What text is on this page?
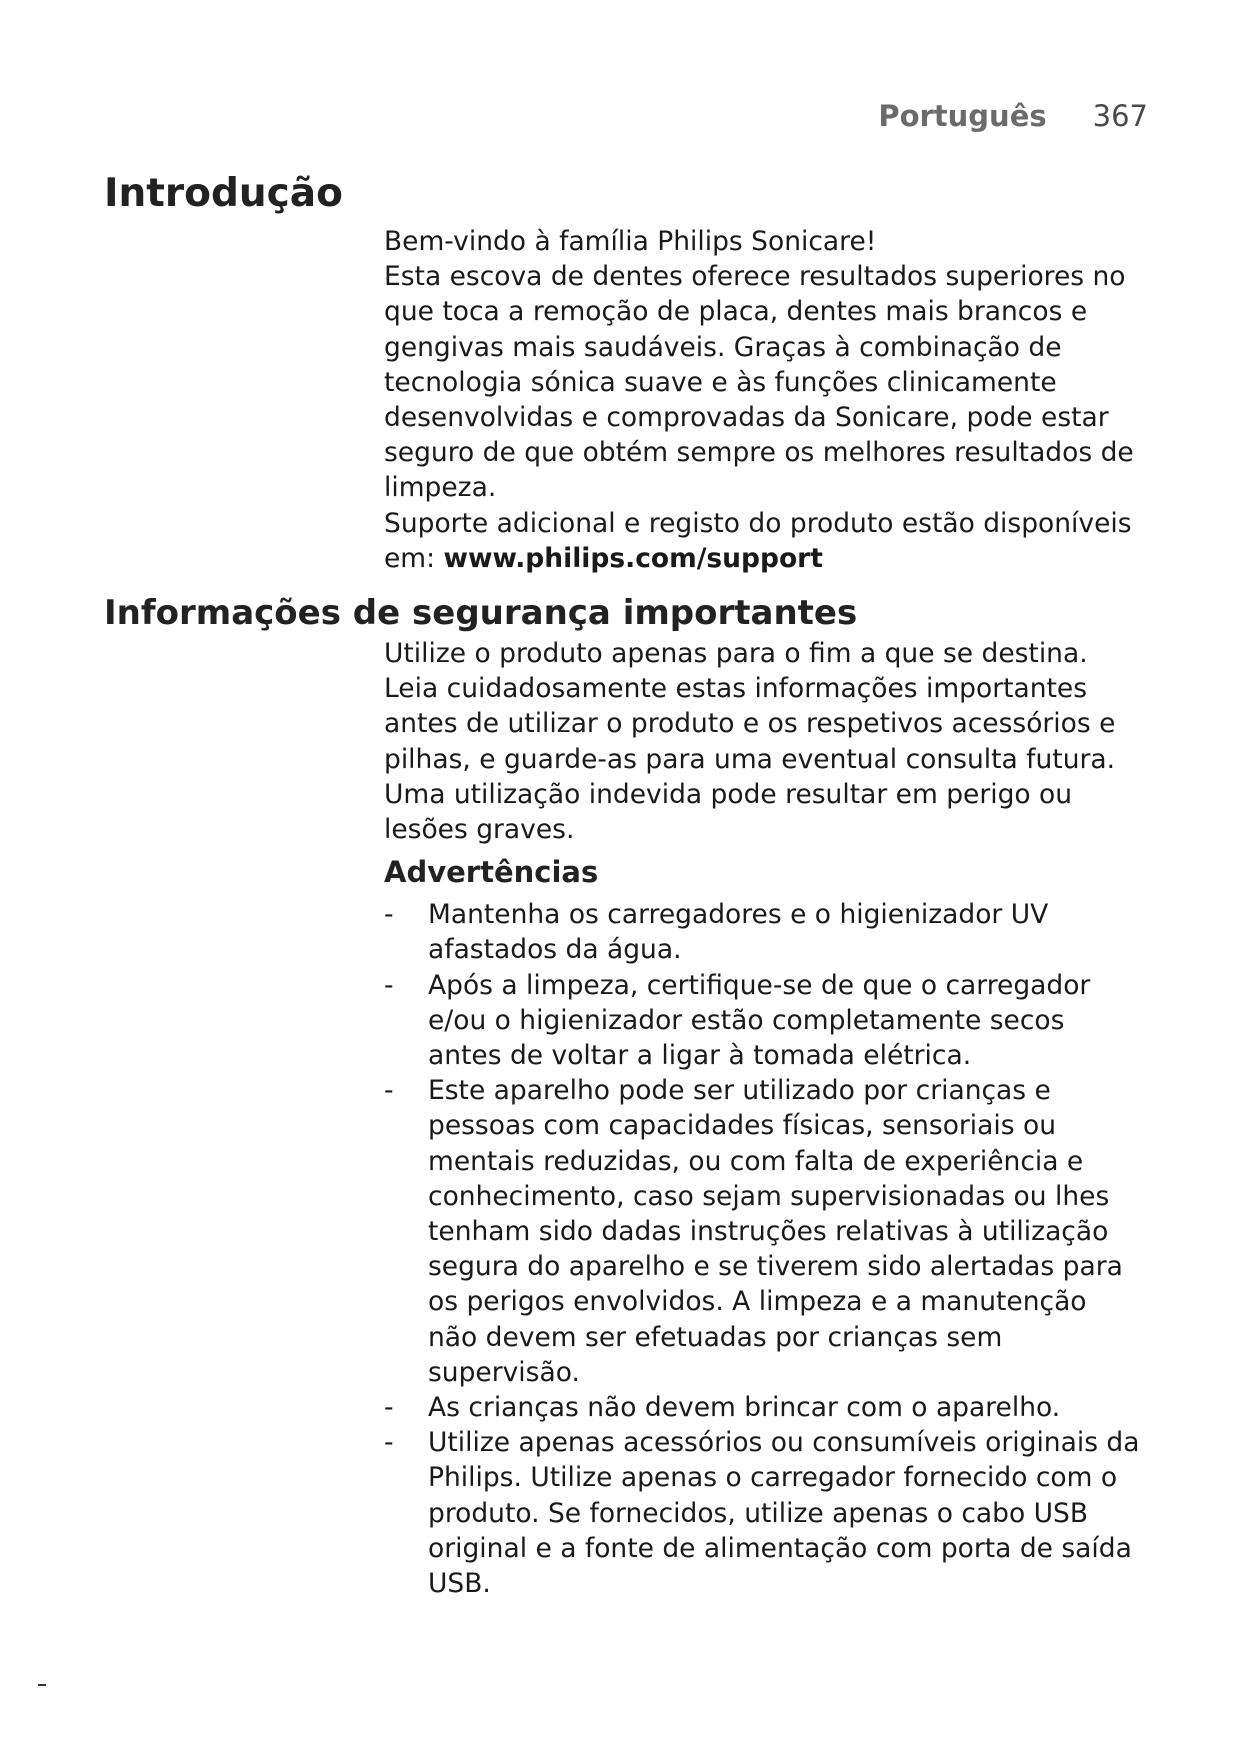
Português 367
Introdução

Bem-vindo à família Philips Sonicare!

Esta escova de dentes oferece resultados superiores no que toca a remoção de placa, dentes mais brancos e gengivas mais saudáveis. Graças à combinação de tecnologia sónica suave e às funções clinicamente desenvolvidas e comprovadas da Sonicare, pode estar seguro de que obtém sempre os melhores resultados de limpeza.

Suporte adicional e registo do produto estão disponíveis em: www.philips.com/support

Informações de segurança importantes

Utilize o produto apenas para o fim a que se destina. Leia cuidadosamente estas informações importantes antes de utilizar o produto e os respetivos acessórios e pilhas, e guarde-as para uma eventual consulta futura. Uma utilização indevida pode resultar em perigo ou lesões graves.

Advertências
- Mantenha os carregadores e o higienizador UV afastados da água.
- Após a limpeza, certifique-se de que o carregador e/ou o higienizador estão completamente secos antes de voltar a ligar à tomada elétrica.
- Este aparelho pode ser utilizado por crianças e pessoas com capacidades físicas, sensoriais ou mentais reduzidas, ou com falta de experiência e conhecimento, caso sejam supervisionadas ou lhes tenham sido dadas instruções relativas à utilização segura do aparelho e se tiverem sido alertadas para os perigos envolvidos. A limpeza e a manutenção não devem ser efetuadas por crianças sem supervisão.
- As crianças não devem brincar com o aparelho.
- Utilize apenas acessórios ou consumíveis originais da Philips. Utilize apenas o carregador fornecido com o produto. Se fornecidos, utilize apenas o cabo USB original e a fonte de alimentação com porta de saída USB.
